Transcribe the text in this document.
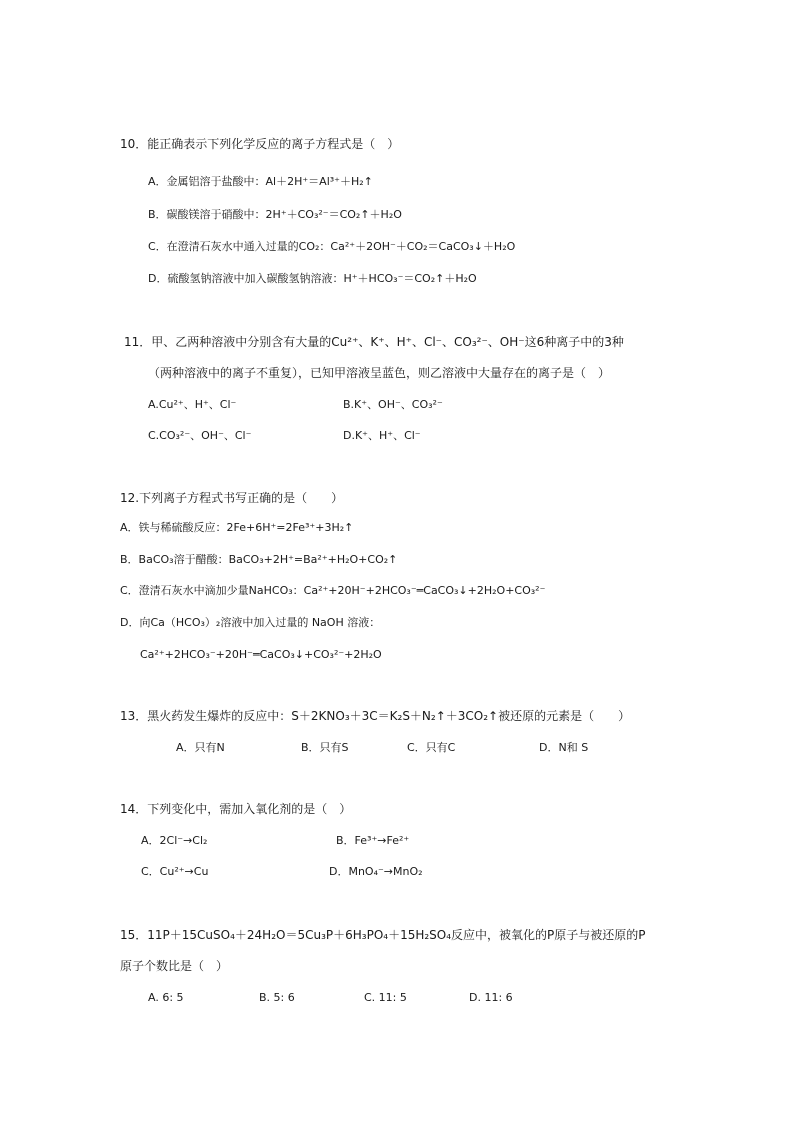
10．能正确表示下列化学反应的离子方程式是（　）
A．金属铝溶于盐酸中：Al＋2H⁺＝Al³⁺＋H₂↑
B．碳酸镁溶于硝酸中：2H⁺＋CO₃²⁻＝CO₂↑＋H₂O
C．在澄清石灰水中通入过量的CO₂：Ca²⁺＋2OH⁻＋CO₂＝CaCO₃↓＋H₂O
D．硫酸氢钠溶液中加入碳酸氢钠溶液：H⁺＋HCO₃⁻＝CO₂↑＋H₂O
11．甲、乙两种溶液中分别含有大量的Cu²⁺、K⁺、H⁺、Cl⁻、CO₃²⁻、OH⁻这6种离子中的3种
（两种溶液中的离子不重复），已知甲溶液呈蓝色，则乙溶液中大量存在的离子是（　）
A.Cu²⁺、H⁺、Cl⁻	B.K⁺、OH⁻、CO₃²⁻
C.CO₃²⁻、OH⁻、Cl⁻	D.K⁺、H⁺、Cl⁻
12.下列离子方程式书写正确的是（　　）
A．铁与稀硫酸反应：2Fe+6H⁺=2Fe³⁺+3H₂↑
B．BaCO₃溶于醋酸：BaCO₃+2H⁺=Ba²⁺+H₂O+CO₂↑
C．澄清石灰水中滴加少量NaHCO₃：Ca²⁺+20H⁻+2HCO₃⁻═CaCO₃↓+2H₂O+CO₃²⁻
D．向Ca（HCO₃）₂溶液中加入过量的 NaOH 溶液：
Ca²⁺+2HCO₃⁻+20H⁻═CaCO₃↓+CO₃²⁻+2H₂O
13．黑火药发生爆炸的反应中：S＋2KNO₃＋3C＝K₂S＋N₂↑＋3CO₂↑被还原的元素是（　　）
A．只有N	B．只有S	C．只有C	D．N和 S
14．下列变化中，需加入氧化剂的是（　）
A．2Cl⁻→Cl₂	B．Fe³⁺→Fe²⁺
C．Cu²⁺→Cu	D．MnO₄⁻→MnO₂
15．11P＋15CuSO₄＋24H₂O＝5Cu₃P＋6H₃PO₄＋15H₂SO₄反应中，被氧化的P原子与被还原的P
原子个数比是（　）
A. 6: 5	B. 5: 6	C. 11: 5	D. 11: 6
